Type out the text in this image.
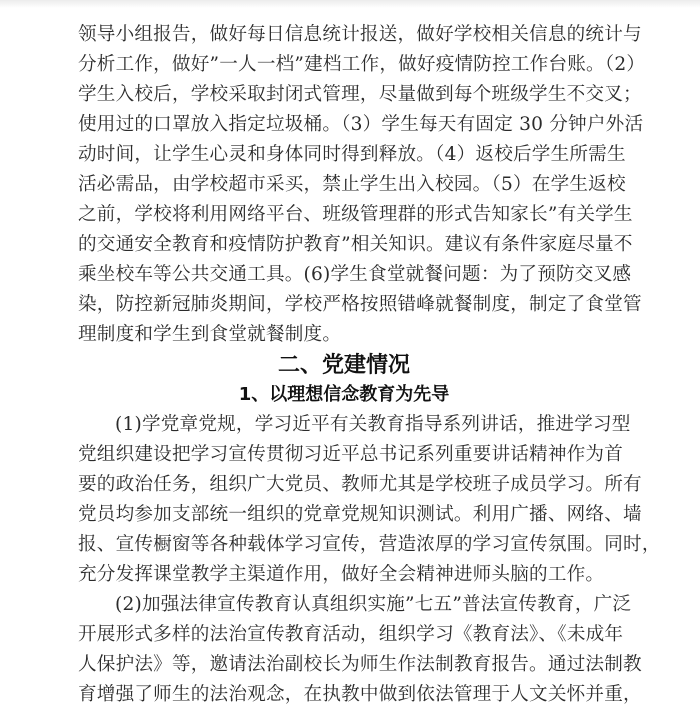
领导小组报告，做好每日信息统计报送，做好学校相关信息的统计与
分析工作，做好”一人一档”建档工作，做好疫情防控工作台账。（2）
学生入校后，学校采取封闭式管理，尽量做到每个班级学生不交叉；
使用过的口罩放入指定垃圾桶。（3）学生每天有固定 30 分钟户外活
动时间，让学生心灵和身体同时得到释放。（4）返校后学生所需生
活必需品，由学校超市采买，禁止学生出入校园。（5）在学生返校
之前，学校将利用网络平台、班级管理群的形式告知家长”有关学生
的交通安全教育和疫情防护教育”相关知识。建议有条件家庭尽量不
乘坐校车等公共交通工具。(6)学生食堂就餐问题：为了预防交叉感
染，防控新冠肺炎期间，学校严格按照错峰就餐制度，制定了食堂管
理制度和学生到食堂就餐制度。
二、党建情况
1、以理想信念教育为先导
(1)学党章党规，学习近平有关教育指导系列讲话，推进学习型
党组织建设把学习宣传贯彻习近平总书记系列重要讲话精神作为首
要的政治任务，组织广大党员、教师尤其是学校班子成员学习。所有
党员均参加支部统一组织的党章党规知识测试。利用广播、网络、墙
报、宣传橱窗等各种载体学习宣传，营造浓厚的学习宣传氛围。同时，
充分发挥课堂教学主渠道作用，做好全会精神进师头脑的工作。
(2)加强法律宣传教育认真组织实施”七五”普法宣传教育，广泛
开展形式多样的法治宣传教育活动，组织学习《教育法》、《未成年
人保护法》等，邀请法治副校长为师生作法制教育报告。通过法制教
育增强了师生的法治观念，在执教中做到依法管理于人文关怀并重，
